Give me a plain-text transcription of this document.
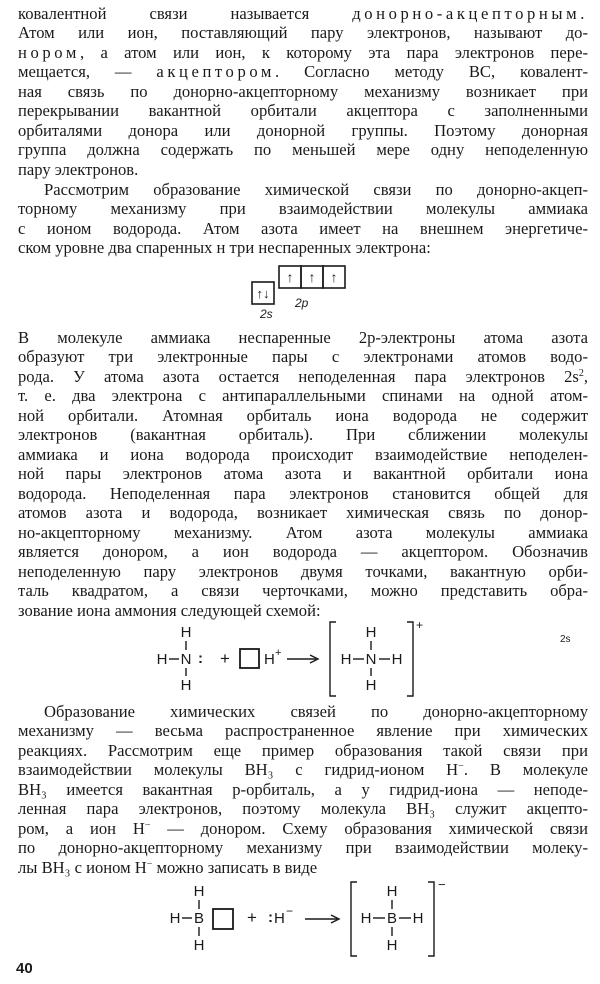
ковалентной связи называется донорно-акцепторным.
Атом или ион, поставляющий пару электронов, называют до-
нором, а атом или ион, к которому эта пара электронов пере-
мещается, — акцептором. Согласно методу ВС, ковалент-
ная связь по донорно-акцепторному механизму возникает при
перекрывании вакантной орбитали акцептора с заполненными
орбиталями донора или донорной группы. Поэтому донорная
группа должна содержать по меньшей мере одну неподеленную
пару электронов.
Рассмотрим образование химической связи по донорно-акцеп-
торному механизму при взаимодействии молекулы аммиака
с ионом водорода. Атом азота имеет на внешнем энергетиче-
ском уровне два спаренных н три неспаренных электрона:
↑↓
↑ ↑ ↑
2s
2p
В молекуле аммиака неспаренные 2p-электроны атома азота
образуют три электронные пары с электронами атомов водо-
рода. У атома азота остается неподеленная пара электронов $2s^2$,
т. е. два электрона с антипараллельными спинами на одной атом-
ной орбитали. Атомная орбиталь иона водорода не содержит
электронов (вакантная орбиталь). При сближении молекулы
аммиака и иона водорода происходит взаимодействие неподелен-
ной пары электронов атома азота и вакантной орбитали иона
водорода. Неподеленная пара электронов становится общей для
атомов азота и водорода, возникает химическая связь по донор-
но-акцепторному механизму. Атом азота молекулы аммиака
является донором, а ион водорода — акцептором. Обозначив
неподеленную пару электронов двумя точками, вакантную орби-
таль квадратом, а связи черточками, можно представить обра-
зование иона аммония следующей схемой:
H
H
H N : + H +
H
H
H N H
+
2s
Образование химических связей по донорно-акцепторному
механизму — весьма распространенное явление при химических
реакциях. Рассмотрим еще пример образования такой связи при
взаимодействии молекулы BH₃ с гидрид-ионом H−. В молекуле
BH₃ имеется вакантная p-орбиталь, а у гидрид-иона — неподе-
ленная пара электронов, поэтому молекула BH₃ служит акцепто-
ром, а ион H− — донором. Схему образования химической связи
по донорно-акцепторному механизму при взаимодействии молеку-
лы BH₃ с ионом H− можно записать в виде
H
H
H B	+ : H −
H
H
H B H
−
40
